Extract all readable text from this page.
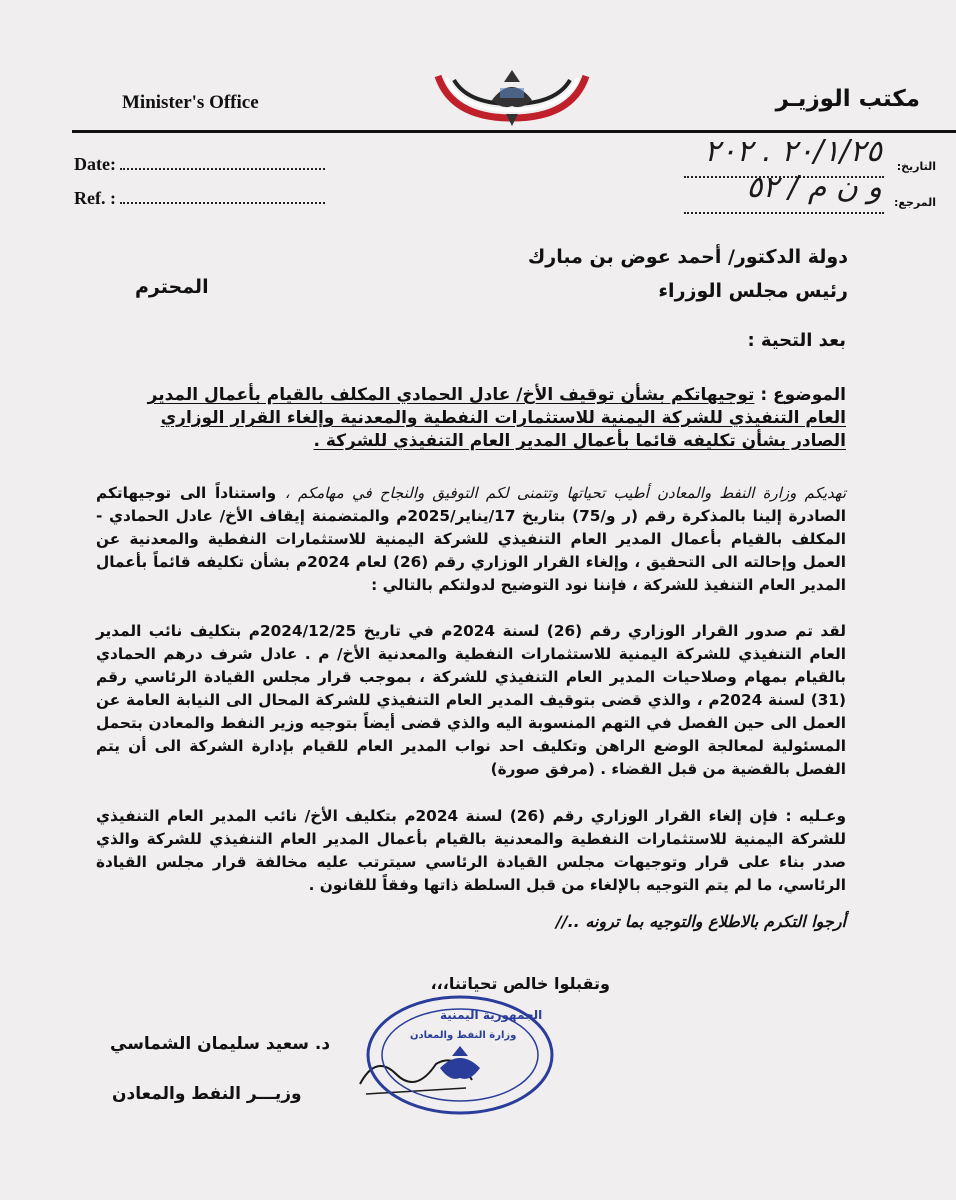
Minister's Office	مكتب الوزيـر
Date:
Ref. :
التاريخ:
المرجع:
٢٠/١/٢٥ . ٢٠٢
و ن م / ٥٢
دولة الدكتور/ أحمد عوض بن مبارك
رئيس مجلس الوزراء
المحترم
بعد التحية :
الموضوع : توجيهاتكم بشأن توقيف الأخ/ عادل الحمادي المكلف بالقيام بأعمال المدير العام التنفيذي للشركة اليمنية للاستثمارات النفطية والمعدنية وإلغاء القرار الوزاري الصادر بشأن تكليفه قائما بأعمال المدير العام التنفيذي للشركة .
تهديكم وزارة النفط والمعادن أطيب تحياتها وتتمنى لكم التوفيق والنجاح في مهامكم ، واستناداً الى توجيهاتكم الصادرة إلينا بالمذكرة رقم (ر و/75) بتاريخ 17/يناير/2025م والمتضمنة إيقاف الأخ/ عادل الحمادي - المكلف بالقيام بأعمال المدير العام التنفيذي للشركة اليمنية للاستثمارات النفطية والمعدنية عن العمل وإحالته الى التحقيق ، وإلغاء القرار الوزاري رقم (26) لعام 2024م بشأن تكليفه قائماً بأعمال المدير العام التنفيذ للشركة ، فإننا نود التوضيح لدولتكم بالتالي :
لقد تم صدور القرار الوزاري رقم (26) لسنة 2024م في تاريخ 2024/12/25م بتكليف نائب المدير العام التنفيذي للشركة اليمنية للاستثمارات النفطية والمعدنية الأخ/ م . عادل شرف درهم الحمادي بالقيام بمهام وصلاحيات المدير العام التنفيذي للشركة ، بموجب قرار مجلس القيادة الرئاسي رقم (31) لسنة 2024م ، والذي قضى بتوقيف المدير العام التنفيذي للشركة المحال الى النيابة العامة عن العمل الى حين الفصل في التهم المنسوبة اليه والذي قضى أيضاً بتوجيه وزير النفط والمعادن بتحمل المسئولية لمعالجة الوضع الراهن وتكليف احد نواب المدير العام للقيام بإدارة الشركة الى أن يتم الفصل بالقضية من قبل القضاء . (مرفق صورة)
وعـليه : فإن إلغاء القرار الوزاري رقم (26) لسنة 2024م بتكليف الأخ/ نائب المدير العام التنفيذي للشركة اليمنية للاستثمارات النفطية والمعدنية بالقيام بأعمال المدير العام التنفيذي للشركة والذي صدر بناء على قرار وتوجيهات مجلس القيادة الرئاسي سيترتب عليه مخالفة قرار مجلس القيادة الرئاسي، ما لم يتم التوجيه بالإلغاء من قبل السلطة ذاتها وفقاً للقانون .
أرجوا التكرم بالاطلاع والتوجيه بما ترونه ..//
وتقبلوا خالص تحياتنا،،،
د. سعيد سليمان الشماسي
وزيـــر النفط والمعادن
الجمهورية اليمنية
وزارة النفط والمعادن
